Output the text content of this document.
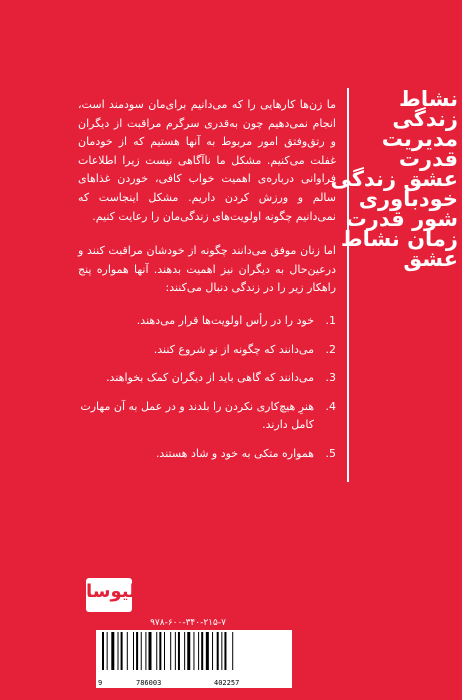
نشاط
زندگی
مدیریت
قدرت
عشق زندگی
خودباوری
شور قدرت
زمان نشاط
عشق

ما زن‌ها کارهایی را که می‌دانیم برای‌مان سودمند است، انجام نمی‌دهیم چون به‌قدری سرگرم مراقبت از دیگران و رتق‌وفتق امور مربوط به آنها هستیم که از خودمان غفلت می‌کنیم. مشکل ما ناآگاهی نیست زیرا اطلاعات فراوانی درباره‌ی اهمیت خواب کافی، خوردن غذاهای سالم و ورزش کردن داریم. مشکل اینجاست که نمی‌دانیم چگونه اولویت‌های زندگی‌مان را رعایت کنیم.

اما زنان موفق می‌دانند چگونه از خودشان مراقبت کنند و درعین‌حال به دیگران نیز اهمیت بدهند. آنها همواره پنج راهکار زیر را در زندگی دنبال می‌کنند:

1.
خود را در رأس اولویت‌ها قرار می‌دهند.
2.
می‌دانند که چگونه از نو شروع کنند.
3.
می‌دانند که گاهی باید از دیگران کمک بخواهند.
4.
هنرِ هیچ‌کاری نکردن را بلدند و در عمل به آن مهارت کامل دارند.
5.
همواره متکی به خود و شاد هستند.
لیوسا
۹۷۸-۶۰۰-۳۴۰-۲۱۵-۷
9	786003	402257
